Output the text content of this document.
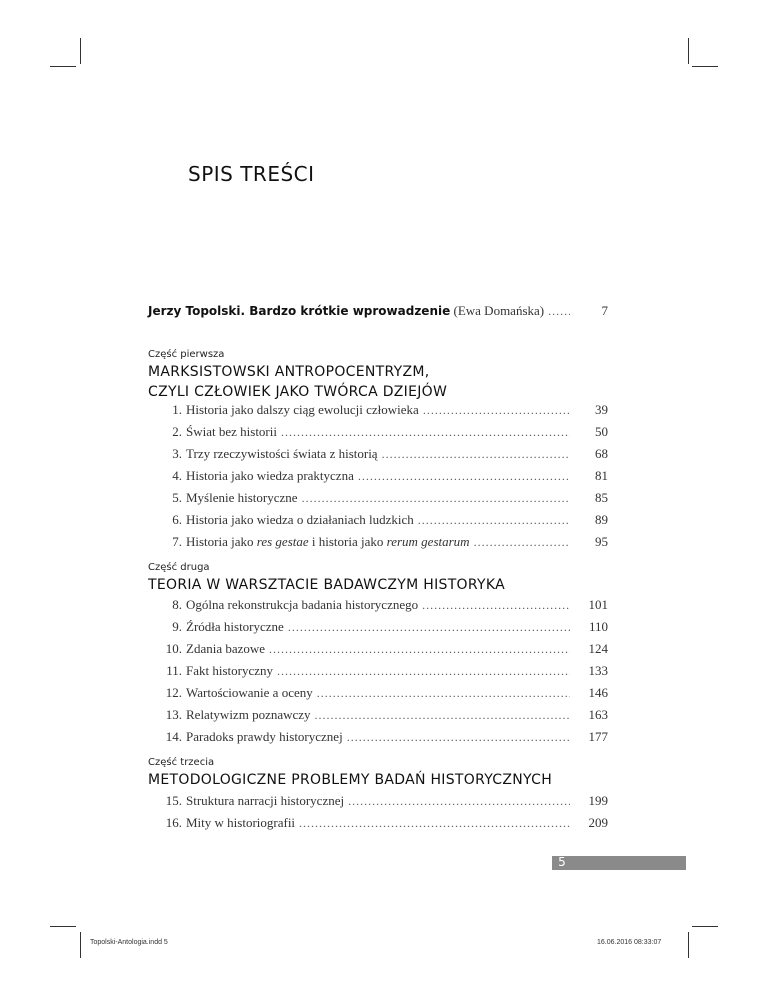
SPIS TREŚCI
Jerzy Topolski. Bardzo krótkie wprowadzenie (Ewa Domańska) .....	7
Część pierwsza
MARKSISTOWSKI ANTROPOCENTRYZM,
CZYLI CZŁOWIEK JAKO TWÓRCA DZIEJÓW
1. Historia jako dalszy ciąg ewolucji człowieka .....	39
2. Świat bez historii .....	50
3. Trzy rzeczywistości świata z historią .....	68
4. Historia jako wiedza praktyczna .....	81
5. Myślenie historyczne .....	85
6. Historia jako wiedza o działaniach ludzkich .....	89
7. Historia jako res gestae i historia jako rerum gestarum .....	95
Część druga
TEORIA W WARSZTACIE BADAWCZYM HISTORYKA
8. Ogólna rekonstrukcja badania historycznego .....	101
9. Źródła historyczne .....	110
10. Zdania bazowe .....	124
11. Fakt historyczny .....	133
12. Wartościowanie a oceny .....	146
13. Relatywizm poznawczy .....	163
14. Paradoks prawdy historycznej .....	177
Część trzecia
METODOLOGICZNE PROBLEMY BADAŃ HISTORYCZNYCH
15. Struktura narracji historycznej .....	199
16. Mity w historiografii .....	209
5
Topolski-Antologia.indd 5	16.06.2016 08:33:07
